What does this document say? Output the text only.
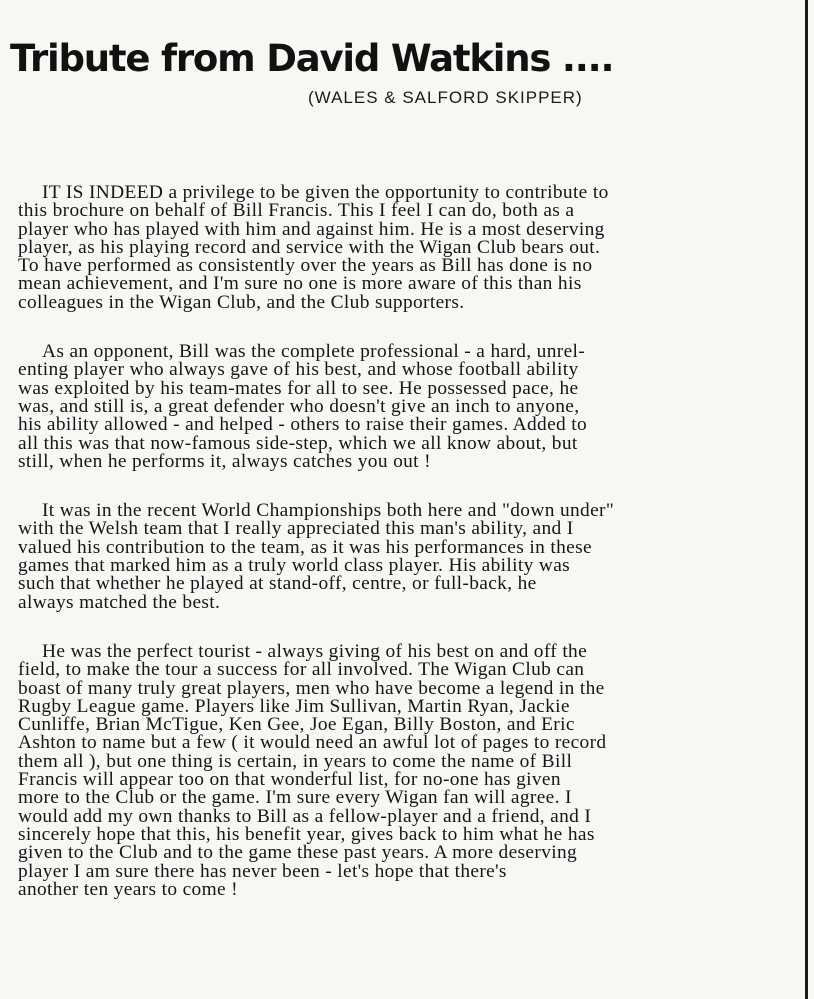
Tribute from David Watkins ....

(WALES & SALFORD SKIPPER)

IT IS INDEED a privilege to be given the opportunity to contribute to
this brochure on behalf of Bill Francis. This I feel I can do, both as a
player who has played with him and against him. He is a most deserving
player, as his playing record and service with the Wigan Club bears out.
To have performed as consistently over the years as Bill has done is no
mean achievement, and I'm sure no one is more aware of this than his
colleagues in the Wigan Club, and the Club supporters.

As an opponent, Bill was the complete professional - a hard, unrel-
enting player who always gave of his best, and whose football ability
was exploited by his team-mates for all to see. He possessed pace, he
was, and still is, a great defender who doesn't give an inch to anyone,
his ability allowed - and helped - others to raise their games. Added to
all this was that now-famous side-step, which we all know about, but
still, when he performs it, always catches you out !

It was in the recent World Championships both here and "down under"
with the Welsh team that I really appreciated this man's ability, and I
valued his contribution to the team, as it was his performances in these
games that marked him as a truly world class player. His ability was
such that whether he played at stand-off, centre, or full-back, he
always matched the best.

He was the perfect tourist - always giving of his best on and off the
field, to make the tour a success for all involved. The Wigan Club can
boast of many truly great players, men who have become a legend in the
Rugby League game. Players like Jim Sullivan, Martin Ryan, Jackie
Cunliffe, Brian McTigue, Ken Gee, Joe Egan, Billy Boston, and Eric
Ashton to name but a few ( it would need an awful lot of pages to record
them all ), but one thing is certain, in years to come the name of Bill
Francis will appear too on that wonderful list, for no-one has given
more to the Club or the game. I'm sure every Wigan fan will agree. I
would add my own thanks to Bill as a fellow-player and a friend, and I
sincerely hope that this, his benefit year, gives back to him what he has
given to the Club and to the game these past years. A more deserving
player I am sure there has never been - let's hope that there's
another ten years to come !
